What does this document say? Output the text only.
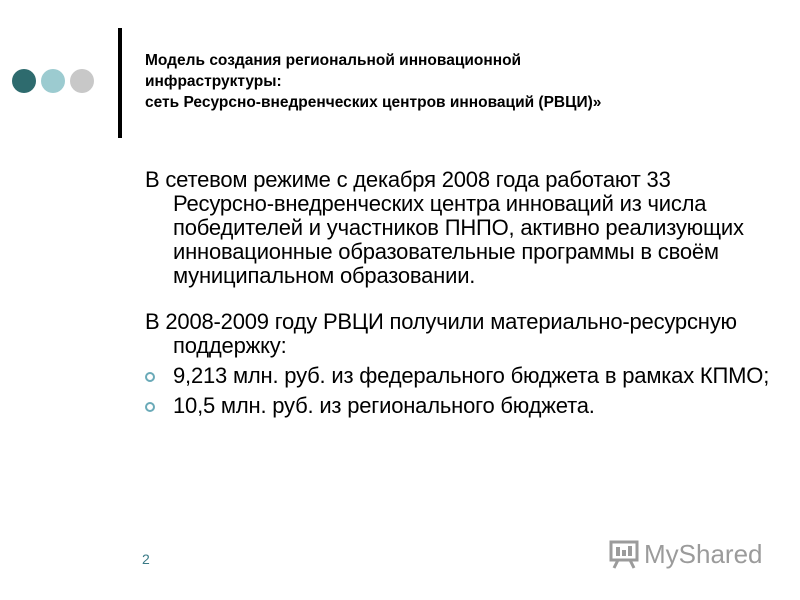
Модель создания региональной инновационной
инфраструктуры:
сеть Ресурсно-внедренческих центров инноваций (РВЦИ)»

В сетевом режиме с декабря 2008 года работают 33 Ресурсно-внедренческих центра инноваций из числа победителей и участников ПНПО, активно реализующих инновационные образовательные программы в своём муниципальном образовании.

В 2008-2009 году РВЦИ получили материально-ресурсную поддержку:

9,213 млн. руб. из федерального бюджета в рамках КПМО;
10,5 млн. руб. из регионального бюджета.
2	MyShared
